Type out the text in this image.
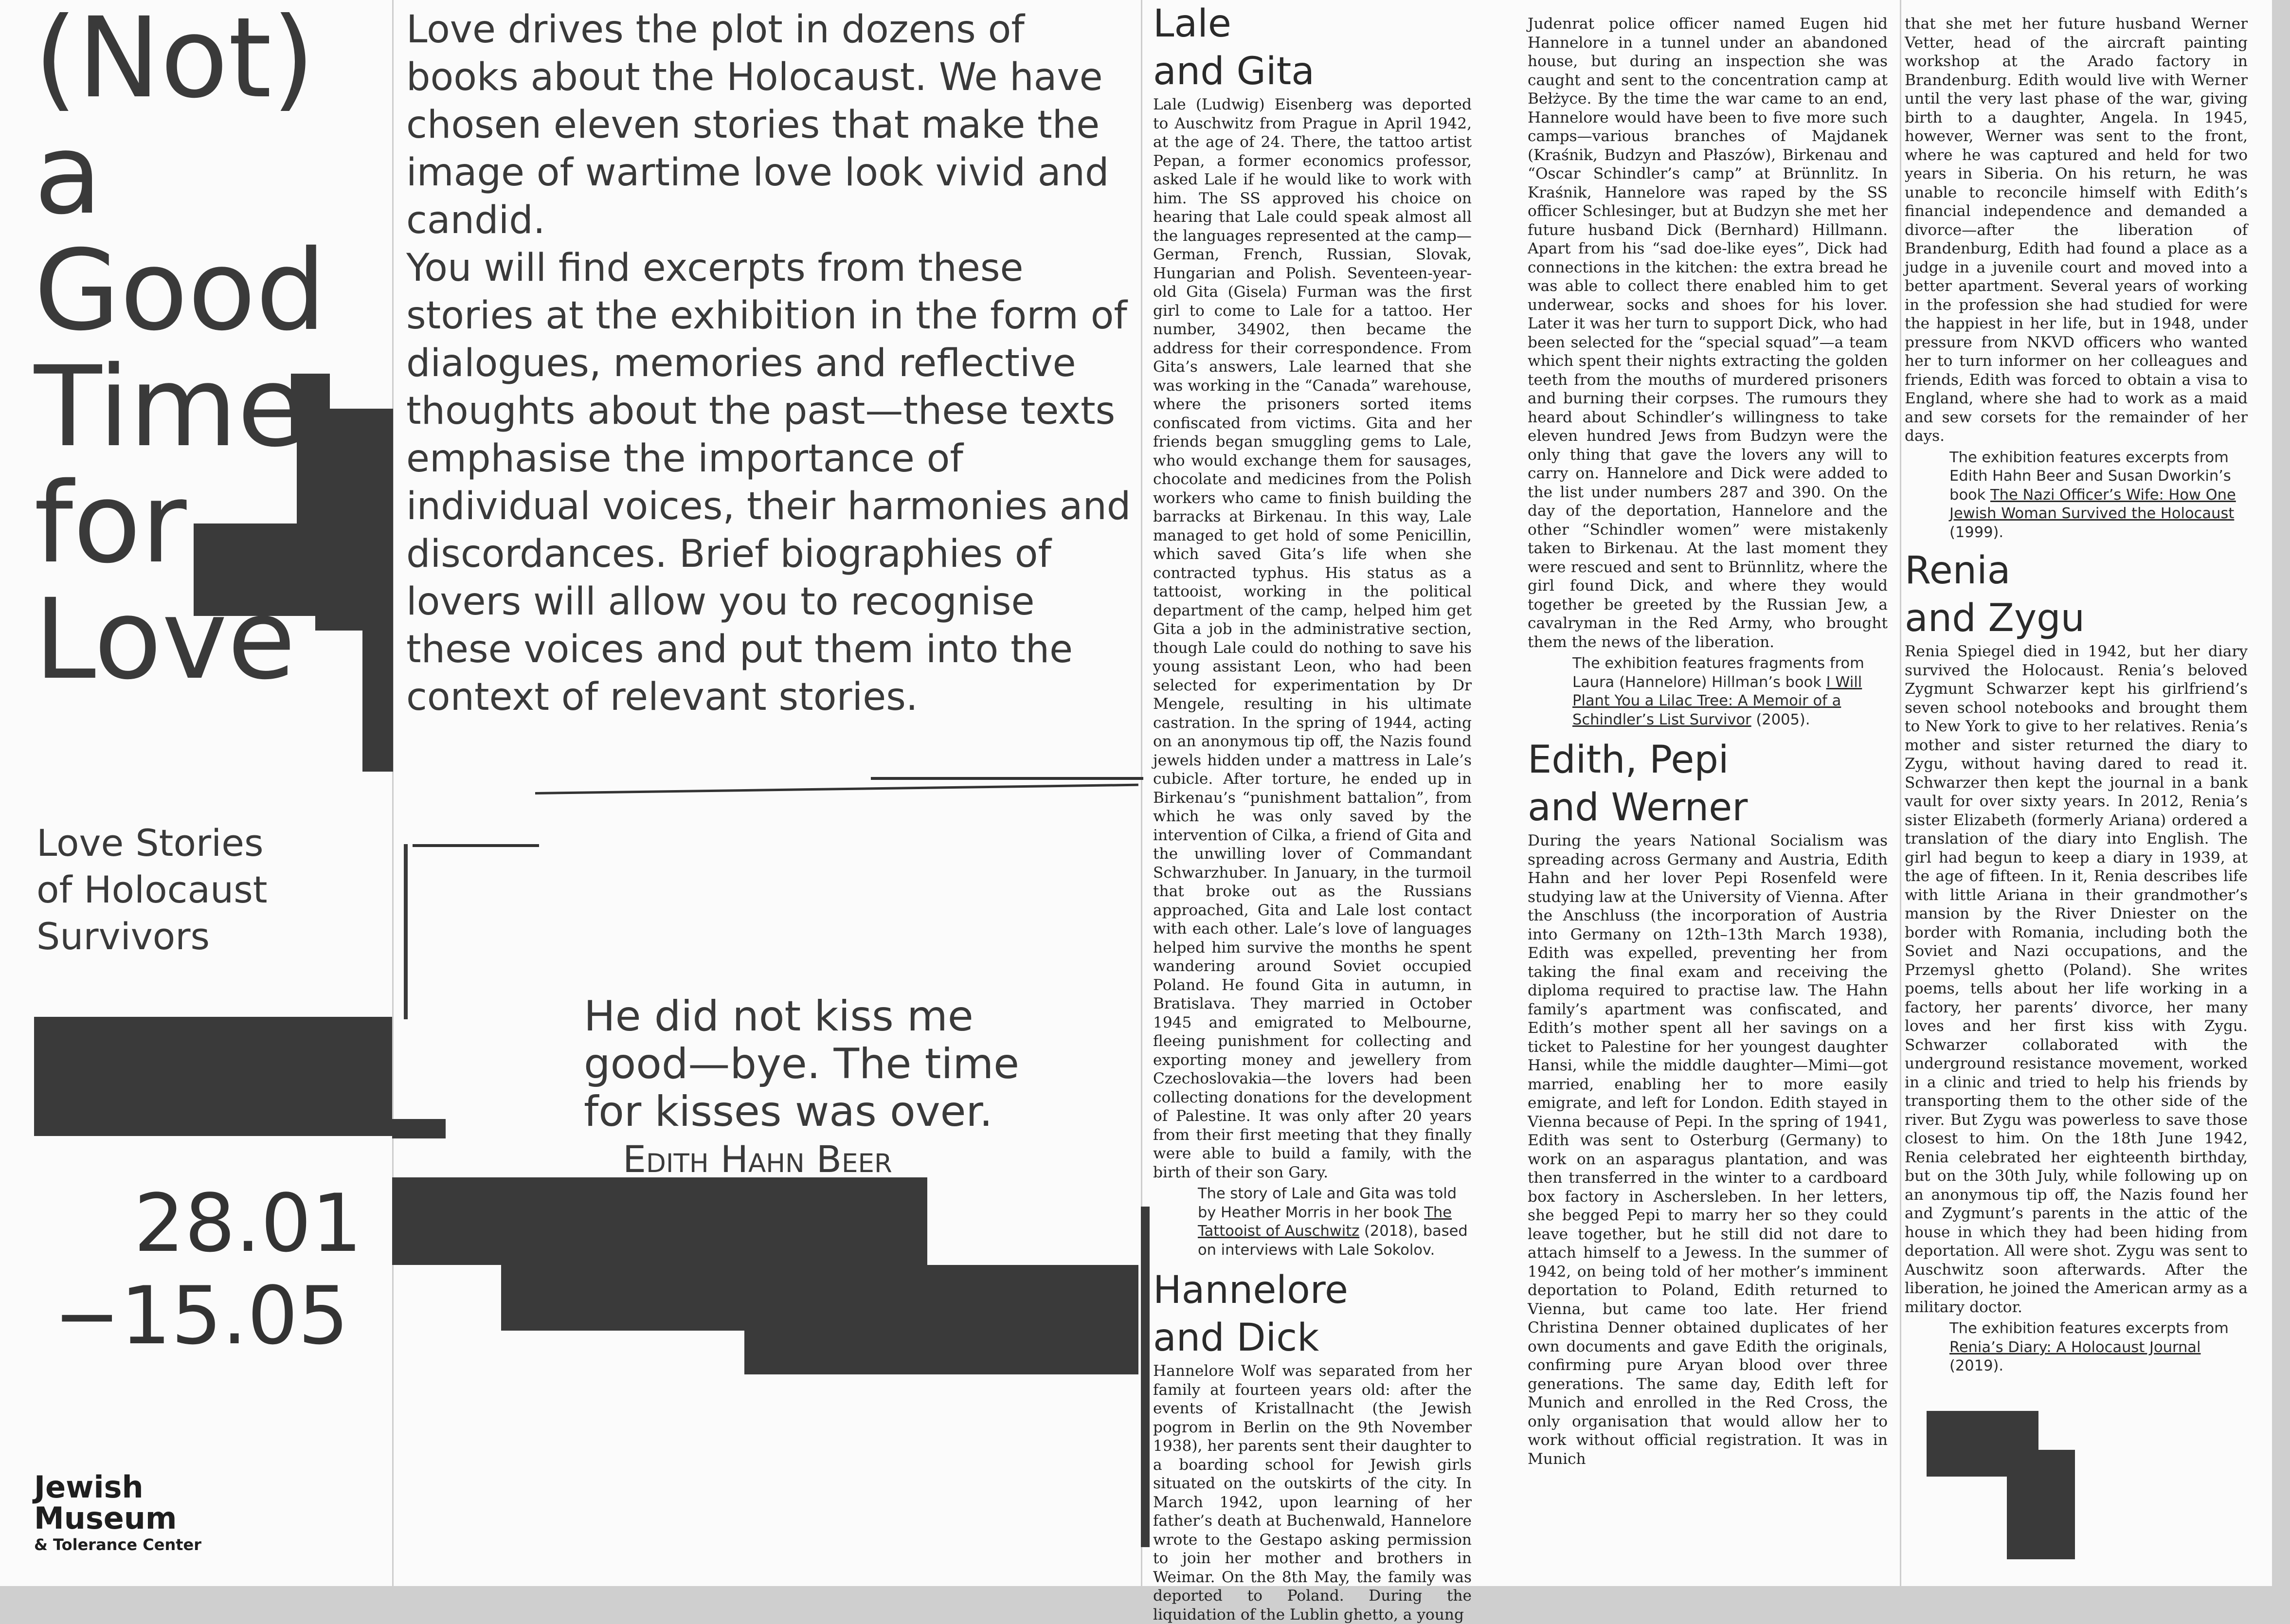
(Not)
a
Good
Time
for
Love
Love Stories
of Holocaust
Survivors
28.01
−15.05
Jewish
Museum
& Tolerance Center

Love drives the plot in dozens of books about the Holocaust. We have chosen eleven stories that make the image of wartime love look vivid and candid.

You will find excerpts from these stories at the exhibition in the form of dialogues, memories and reflective thoughts about the past—these texts emphasise the importance of individual voices, their harmonies and discordances. Brief biographies of lovers will allow you to recognise these voices and put them into the context of relevant stories.

He did not kiss me
good—bye. The time
for kisses was over.
Edith Hahn Beer
Lale
and Gita

Lale (Ludwig) Eisenberg was deported to Auschwitz from Prague in April 1942, at the age of 24. There, the tattoo artist Pepan, a former economics professor, asked Lale if he would like to work with him. The SS approved his choice on hearing that Lale could speak almost all the languages represented at the camp—German, French, Russian, Slovak, Hungarian and Polish. Seventeen-year-old Gita (Gisela) Furman was the first girl to come to Lale for a tattoo. Her number, 34902, then became the address for their correspondence. From Gita’s answers, Lale learned that she was working in the “Canada” warehouse, where the prisoners sorted items confiscated from victims. Gita and her friends began smuggling gems to Lale, who would exchange them for sausages, chocolate and medicines from the Polish workers who came to finish building the barracks at Birkenau. In this way, Lale managed to get hold of some Penicillin, which saved Gita’s life when she contracted typhus. His status as a tattooist, working in the political department of the camp, helped him get Gita a job in the administrative section, though Lale could do nothing to save his young assistant Leon, who had been selected for experimentation by Dr Mengele, resulting in his ultimate castration. In the spring of 1944, acting on an anonymous tip off, the Nazis found jewels hidden under a mattress in Lale’s cubicle. After torture, he ended up in Birkenau’s “punishment battalion”, from which he was only saved by the intervention of Cilka, a friend of Gita and the unwilling lover of Commandant Schwarzhuber. In January, in the turmoil that broke out as the Russians approached, Gita and Lale lost contact with each other. Lale’s love of languages helped him survive the months he spent wandering around Soviet occupied Poland. He found Gita in autumn, in Bratislava. They married in October 1945 and emigrated to Melbourne, fleeing punishment for collecting and exporting money and jewellery from Czechoslovakia—the lovers had been collecting donations for the development of Palestine. It was only after 20 years from their first meeting that they finally were able to build a family, with the birth of their son Gary.

The story of Lale and Gita was told by Heather Morris in her book The Tattooist of Auschwitz (2018), based on interviews with Lale Sokolov.

Hannelore
and Dick

Hannelore Wolf was separated from her family at fourteen years old: after the events of Kristallnacht (the Jewish pogrom in Berlin on the 9th November 1938), her parents sent their daughter to a boarding school for Jewish girls situated on the outskirts of the city. In March 1942, upon learning of her father’s death at Buchenwald, Hannelore wrote to the Gestapo asking permission to join her mother and brothers in Weimar. On the 8th May, the family was deported to Poland. During the liquidation of the Lublin ghetto, a young

Judenrat police officer named Eugen hid Hannelore in a tunnel under an abandoned house, but during an inspection she was caught and sent to the concentration camp at Bełżyce. By the time the war came to an end, Hannelore would have been to five more such camps—various branches of Majdanek (Kraśnik, Budzyn and Płaszów), Birkenau and “Oscar Schindler’s camp” at Brünnlitz. In Kraśnik, Hannelore was raped by the SS officer Schlesinger, but at Budzyn she met her future husband Dick (Bernhard) Hillmann. Apart from his “sad doe-like eyes”, Dick had connections in the kitchen: the extra bread he was able to collect there enabled him to get underwear, socks and shoes for his lover. Later it was her turn to support Dick, who had been selected for the “special squad”—a team which spent their nights extracting the golden teeth from the mouths of murdered prisoners and burning their corpses. The rumours they heard about Schindler’s willingness to take eleven hundred Jews from Budzyn were the only thing that gave the lovers any will to carry on. Hannelore and Dick were added to the list under numbers 287 and 390. On the day of the deportation, Hannelore and the other “Schindler women” were mistakenly taken to Birkenau. At the last moment they were rescued and sent to Brünnlitz, where the girl found Dick, and where they would together be greeted by the Russian Jew, a cavalryman in the Red Army, who brought them the news of the liberation.

The exhibition features fragments from Laura (Hannelore) Hillman’s book I Will Plant You a Lilac Tree: A Memoir of a Schindler’s List Survivor (2005).

Edith, Pepi
and Werner

During the years National Socialism was spreading across Germany and Austria, Edith Hahn and her lover Pepi Rosenfeld were studying law at the University of Vienna. After the Anschluss (the incorporation of Austria into Germany on 12th–13th March 1938), Edith was expelled, preventing her from taking the final exam and receiving the diploma required to practise law. The Hahn family’s apartment was confiscated, and Edith’s mother spent all her savings on a ticket to Palestine for her youngest daughter Hansi, while the middle daughter—Mimi—got married, enabling her to more easily emigrate, and left for London. Edith stayed in Vienna because of Pepi. In the spring of 1941, Edith was sent to Osterburg (Germany) to work on an asparagus plantation, and was then transferred in the winter to a cardboard box factory in Aschersleben. In her letters, she begged Pepi to marry her so they could leave together, but he still did not dare to attach himself to a Jewess. In the summer of 1942, on being told of her mother’s imminent deportation to Poland, Edith returned to Vienna, but came too late. Her friend Christina Denner obtained duplicates of her own documents and gave Edith the originals, confirming pure Aryan blood over three generations. The same day, Edith left for Munich and enrolled in the Red Cross, the only organisation that would allow her to work without official registration. It was in Munich

that she met her future husband Werner Vetter, head of the aircraft painting workshop at the Arado factory in Brandenburg. Edith would live with Werner until the very last phase of the war, giving birth to a daughter, Angela. In 1945, however, Werner was sent to the front, where he was captured and held for two years in Siberia. On his return, he was unable to reconcile himself with Edith’s financial independence and demanded a divorce—after the liberation of Brandenburg, Edith had found a place as a judge in a juvenile court and moved into a better apartment. Several years of working in the profession she had studied for were the happiest in her life, but in 1948, under pressure from NKVD officers who wanted her to turn informer on her colleagues and friends, Edith was forced to obtain a visa to England, where she had to work as a maid and sew corsets for the remainder of her days.

The exhibition features excerpts from Edith Hahn Beer and Susan Dworkin’s book The Nazi Officer’s Wife: How One Jewish Woman Survived the Holocaust (1999).

Renia
and Zygu

Renia Spiegel died in 1942, but her diary survived the Holocaust. Renia’s beloved Zygmunt Schwarzer kept his girlfriend’s seven school notebooks and brought them to New York to give to her relatives. Renia’s mother and sister returned the diary to Zygu, without having dared to read it. Schwarzer then kept the journal in a bank vault for over sixty years. In 2012, Renia’s sister Elizabeth (formerly Ariana) ordered a translation of the diary into English. The girl had begun to keep a diary in 1939, at the age of fifteen. In it, Renia describes life with little Ariana in their grandmother’s mansion by the River Dniester on the border with Romania, including both the Soviet and Nazi occupations, and the Przemysl ghetto (Poland). She writes poems, tells about her life working in a factory, her parents’ divorce, her many loves and her first kiss with Zygu. Schwarzer collaborated with the underground resistance movement, worked in a clinic and tried to help his friends by transporting them to the other side of the river. But Zygu was powerless to save those closest to him. On the 18th June 1942, Renia celebrated her eighteenth birthday, but on the 30th July, while following up on an anonymous tip off, the Nazis found her and Zygmunt’s parents in the attic of the house in which they had been hiding from deportation. All were shot. Zygu was sent to Auschwitz soon afterwards. After the liberation, he joined the American army as a military doctor.

The exhibition features excerpts from Renia’s Diary: A Holocaust Journal (2019).
